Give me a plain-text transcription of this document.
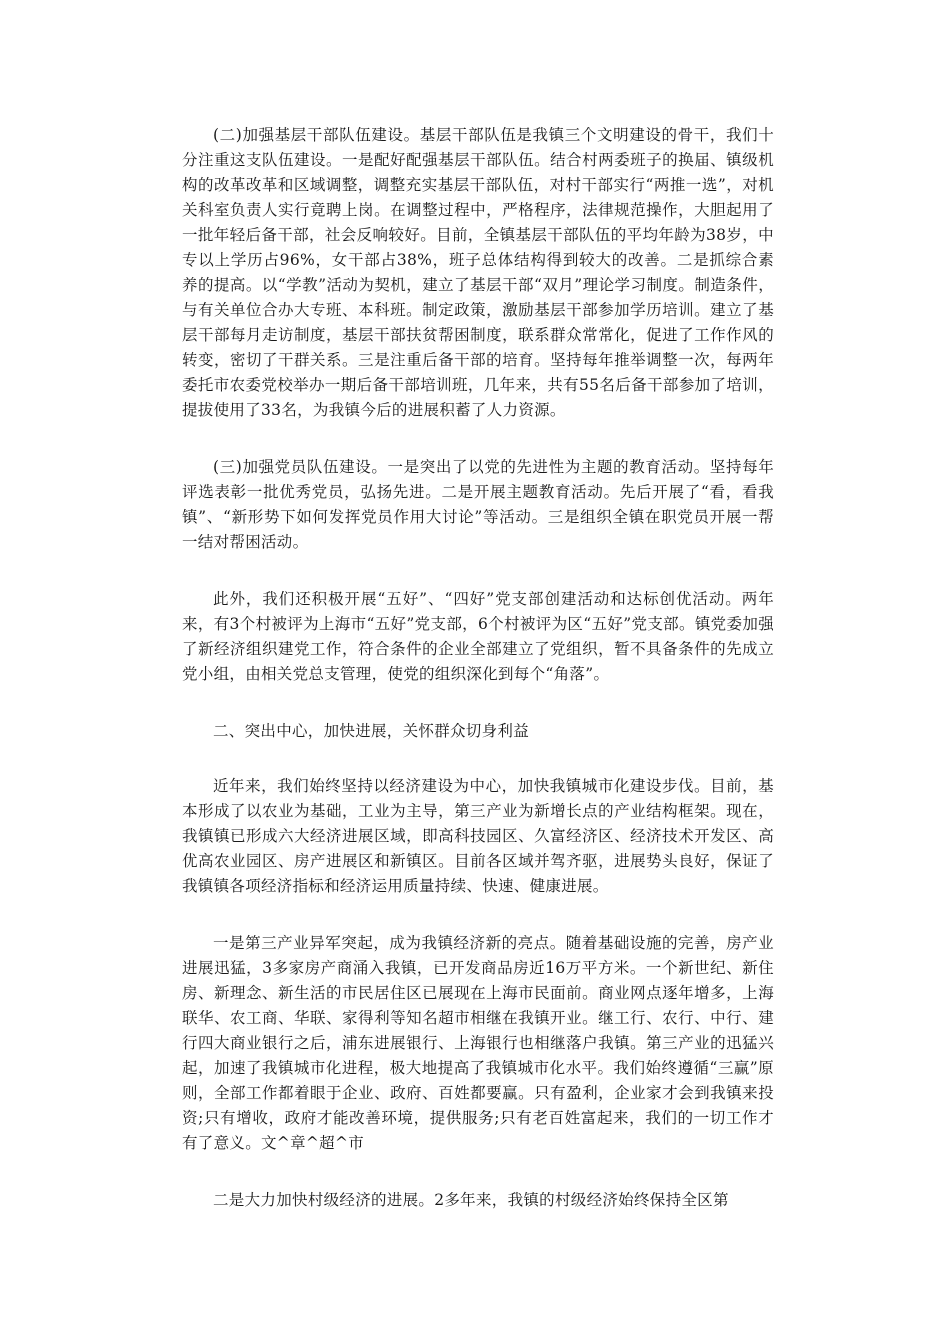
(二)加强基层干部队伍建设。基层干部队伍是我镇三个文明建设的骨干，我们十分注重这支队伍建设。一是配好配强基层干部队伍。结合村两委班子的换届、镇级机构的改革改革和区域调整，调整充实基层干部队伍，对村干部实行“两推一选”，对机关科室负责人实行竟聘上岗。在调整过程中，严格程序，法律规范操作，大胆起用了一批年轻后备干部，社会反响较好。目前，全镇基层干部队伍的平均年龄为38岁，中专以上学历占96%，女干部占38%，班子总体结构得到较大的改善。二是抓综合素养的提高。以“学教”活动为契机，建立了基层干部“双月”理论学习制度。制造条件，与有关单位合办大专班、本科班。制定政策，激励基层干部参加学历培训。建立了基层干部每月走访制度，基层干部扶贫帮困制度，联系群众常常化，促进了工作作风的转变，密切了干群关系。三是注重后备干部的培育。坚持每年推举调整一次，每两年委托市农委党校举办一期后备干部培训班，几年来，共有55名后备干部参加了培训，提拔使用了33名，为我镇今后的进展积蓄了人力资源。

(三)加强党员队伍建设。一是突出了以党的先进性为主题的教育活动。坚持每年评选表彰一批优秀党员，弘扬先进。二是开展主题教育活动。先后开展了“看，看我镇”、“新形势下如何发挥党员作用大讨论”等活动。三是组织全镇在职党员开展一帮一结对帮困活动。

此外，我们还积极开展“五好”、“四好”党支部创建活动和达标创优活动。两年来，有3个村被评为上海市“五好”党支部，6个村被评为区“五好”党支部。镇党委加强了新经济组织建党工作，符合条件的企业全部建立了党组织，暂不具备条件的先成立党小组，由相关党总支管理，使党的组织深化到每个“角落”。

二、突出中心，加快进展，关怀群众切身利益

近年来，我们始终坚持以经济建设为中心，加快我镇城市化建设步伐。目前，基本形成了以农业为基础，工业为主导，第三产业为新增长点的产业结构框架。现在，我镇镇已形成六大经济进展区域，即高科技园区、久富经济区、经济技术开发区、高优高农业园区、房产进展区和新镇区。目前各区域并驾齐驱，进展势头良好，保证了我镇镇各项经济指标和经济运用质量持续、快速、健康进展。

一是第三产业异军突起，成为我镇经济新的亮点。随着基础设施的完善，房产业进展迅猛，3多家房产商涌入我镇，已开发商品房近16万平方米。一个新世纪、新住房、新理念、新生活的市民居住区已展现在上海市民面前。商业网点逐年增多，上海联华、农工商、华联、家得利等知名超市相继在我镇开业。继工行、农行、中行、建行四大商业银行之后，浦东进展银行、上海银行也相继落户我镇。第三产业的迅猛兴起，加速了我镇城市化进程，极大地提高了我镇城市化水平。我们始终遵循“三赢”原则，全部工作都着眼于企业、政府、百姓都要赢。只有盈利，企业家才会到我镇来投资;只有增收，政府才能改善环境，提供服务;只有老百姓富起来，我们的一切工作才有了意义。文^章^超^市

二是大力加快村级经济的进展。2多年来，我镇的村级经济始终保持全区第
